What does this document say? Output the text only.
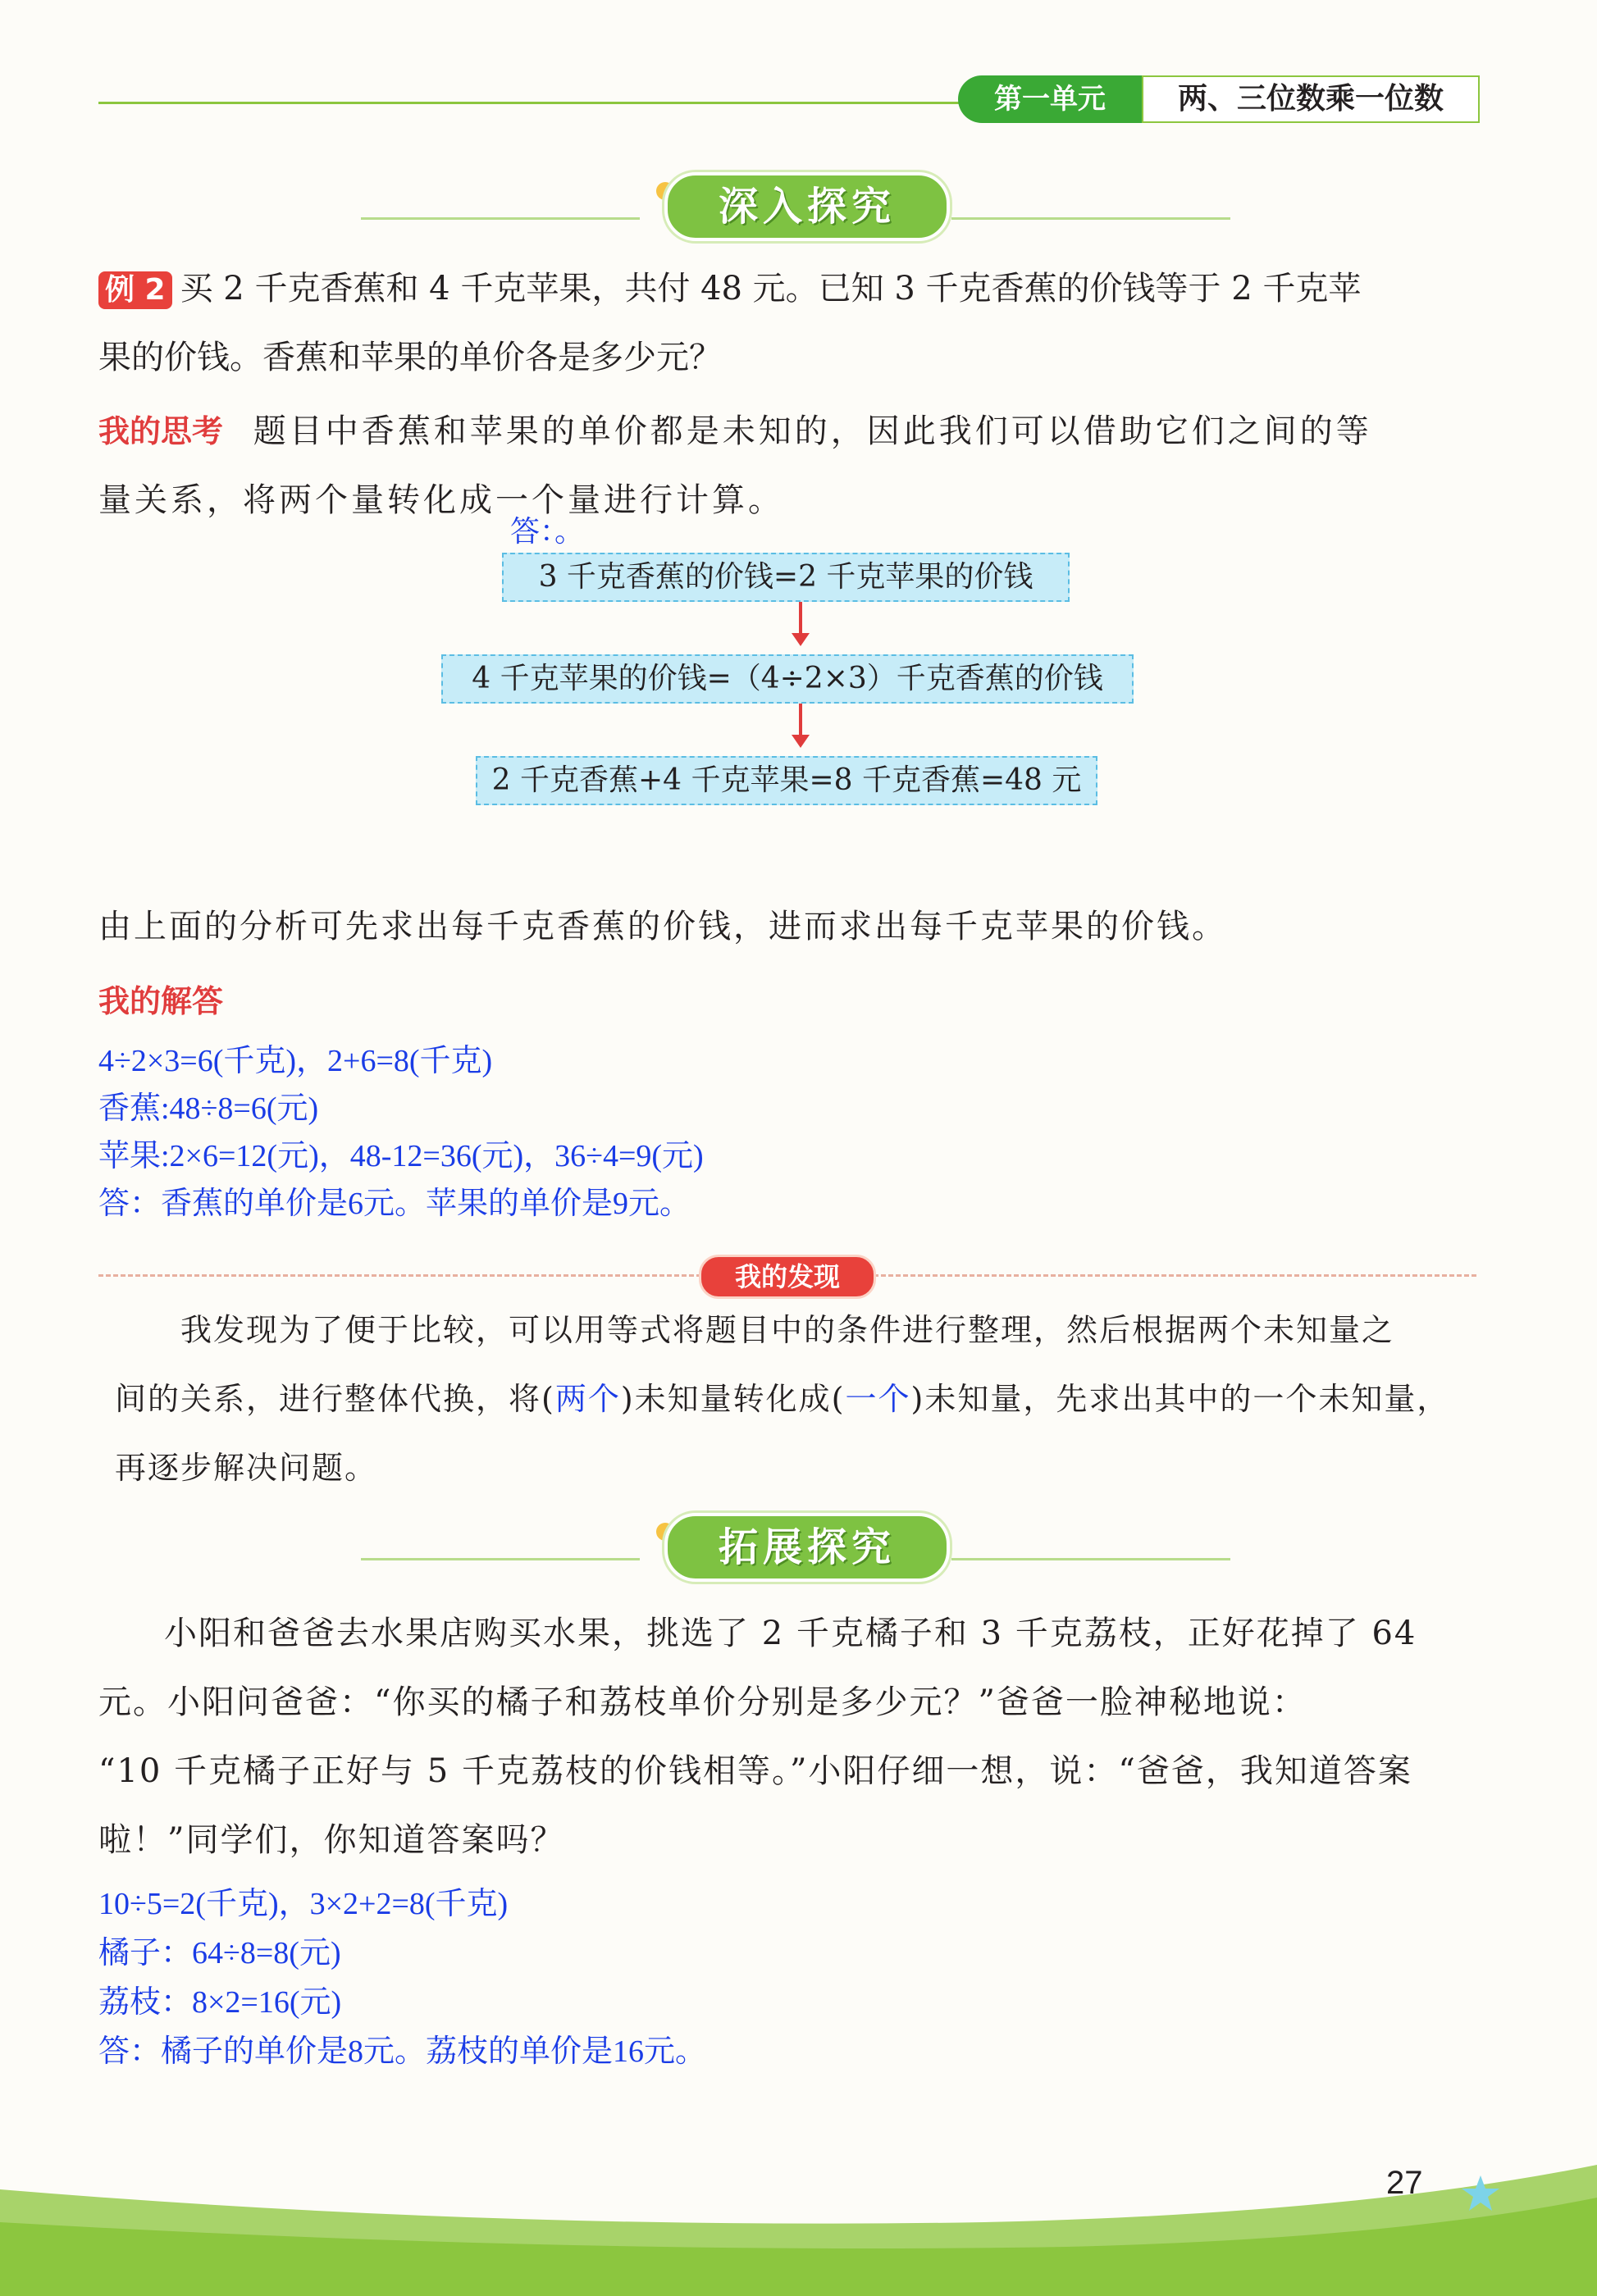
第一单元	两、三位数乘一位数
深入探究
例 2 买 2 千克香蕉和 4 千克苹果，共付 48 元。已知 3 千克香蕉的价钱等于 2 千克苹
果的价钱。香蕉和苹果的单价各是多少元？
我的思考 题目中香蕉和苹果的单价都是未知的，因此我们可以借助它们之间的等
量关系，将两个量转化成一个量进行计算。
答：。
3 千克香蕉的价钱=2 千克苹果的价钱
4 千克苹果的价钱=（4÷2×3）千克香蕉的价钱
2 千克香蕉+4 千克苹果=8 千克香蕉=48 元
由上面的分析可先求出每千克香蕉的价钱，进而求出每千克苹果的价钱。
我的解答
4÷2×3=6(千克)，2+6=8(千克)
香蕉:48÷8=6(元)
苹果:2×6=12(元)，48-12=36(元)，36÷4=9(元)
答：香蕉的单价是6元。苹果的单价是9元。
我的发现
我发现为了便于比较，可以用等式将题目中的条件进行整理，然后根据两个未知量之
间的关系，进行整体代换，将(两个)未知量转化成(一个)未知量，先求出其中的一个未知量，
再逐步解决问题。
拓展探究
小阳和爸爸去水果店购买水果，挑选了 2 千克橘子和 3 千克荔枝，正好花掉了 64
元。小阳问爸爸：“你买的橘子和荔枝单价分别是多少元？”爸爸一脸神秘地说：
“10 千克橘子正好与 5 千克荔枝的价钱相等。”小阳仔细一想，说：“爸爸，我知道答案
啦！”同学们，你知道答案吗？
10÷5=2(千克)，3×2+2=8(千克)
橘子：64÷8=8(元)
荔枝：8×2=16(元)
答：橘子的单价是8元。荔枝的单价是16元。
27
